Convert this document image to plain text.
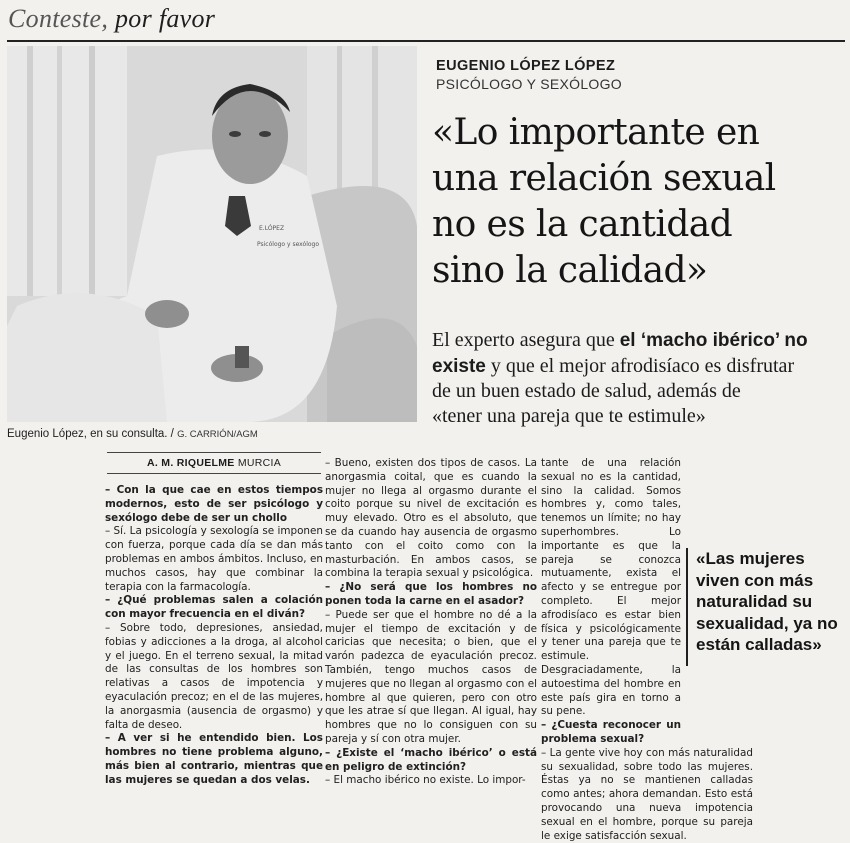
Conteste, por favor
E.LÓPEZ
Psicólogo y sexólogo
Eugenio López, en su consulta. / G. CARRIÓN/AGM
EUGENIO LÓPEZ LÓPEZ
PSICÓLOGO Y SEXÓLOGO
«Lo importante en
una relación sexual
no es la cantidad
sino la calidad»
El experto asegura que el ‘macho ibérico’ no
existe y que el mejor afrodisíaco es disfrutar
de un buen estado de salud, además de
«tener una pareja que te estimule»
A. M. RIQUELME MURCIA

– Con la que cae en estos tiempos modernos, esto de ser psicólogo y sexólogo debe de ser un chollo

– Sí. La psicología y sexología se imponen con fuerza, porque cada día se dan más problemas en ambos ámbitos. Incluso, en muchos casos, hay que combinar la terapia con la farmacología.

– ¿Qué problemas salen a colación con mayor frecuencia en el diván?

– Sobre todo, depresiones, ansiedad, fobias y adicciones a la droga, al alcohol y el juego. En el terreno sexual, la mitad de las consultas de los hombres son relativas a casos de impotencia y eyaculación precoz; en el de las mujeres, la anorgasmia (ausencia de orgasmo) y falta de deseo.

– A ver si he entendido bien. Los hombres no tiene problema alguno, más bien al contrario, mientras que las mujeres se quedan a dos velas.

– Bueno, existen dos tipos de casos. La anorgasmia coital, que es cuando la mujer no llega al orgasmo durante el coito porque su nivel de excitación es muy elevado. Otro es el absoluto, que se da cuando hay ausencia de orgasmo tanto con el coito como con la masturbación. En ambos casos, se combina la terapia sexual y psicológica.

– ¿No será que los hombres no ponen toda la carne en el asador?

– Puede ser que el hombre no dé a la mujer el tiempo de excitación y de caricias que necesita; o bien, que el varón padezca de eyaculación precoz. También, tengo muchos casos de mujeres que no llegan al orgasmo con el hombre al que quieren, pero con otro que les atrae sí que llegan. Al igual, hay hombres que no lo consiguen con su pareja y sí con otra mujer.

– ¿Existe el ‘macho ibérico’ o está en peligro de extinción?

– El macho ibérico no existe. Lo impor-

tante de una relación sexual no es la cantidad, sino la calidad. Somos hombres y, como tales, tenemos un límite; no hay superhombres. Lo importante es que la pareja se conozca mutuamente, exista el afecto y se entregue por completo. El mejor afrodisíaco es estar bien física y psicológicamente y tener una pareja que te estimule. Desgraciadamente, la autoestima del hombre en este país gira en torno a su pene.

– ¿Cuesta reconocer un problema sexual?

– La gente vive hoy con más naturalidad su sexualidad, sobre todo las mujeres. Éstas ya no se mantienen calladas como antes; ahora demandan. Esto está provocando una nueva impotencia sexual en el hombre, porque su pareja le exige satisfacción sexual.

«Las mujeres
viven con más
naturalidad su
sexualidad, ya no
están calladas»
